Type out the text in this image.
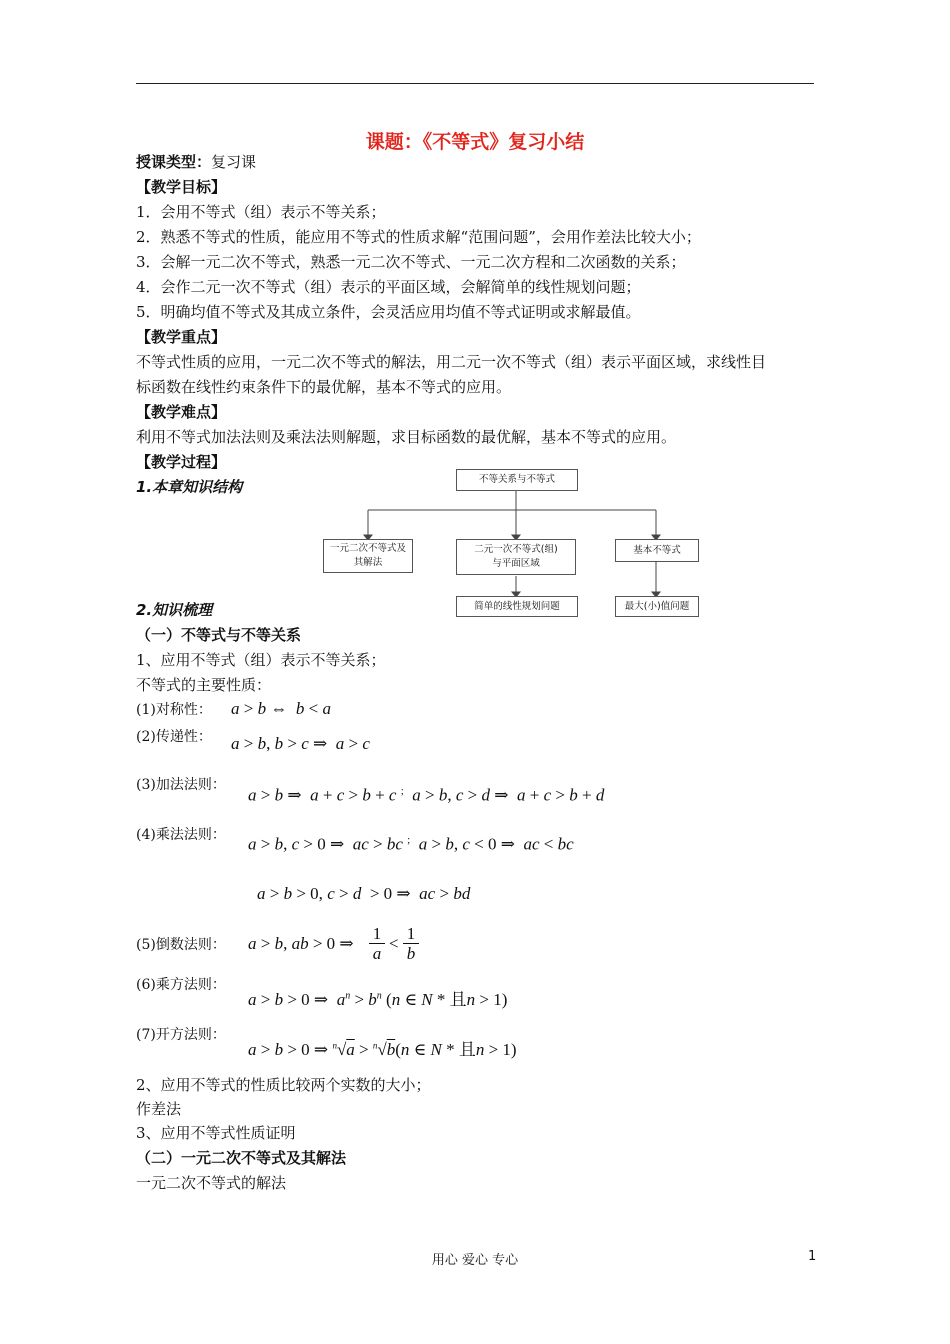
课题：《不等式》复习小结
授课类型：复习课
【教学目标】
1．会用不等式（组）表示不等关系；
2．熟悉不等式的性质，能应用不等式的性质求解“范围问题”，会用作差法比较大小；
3．会解一元二次不等式，熟悉一元二次不等式、一元二次方程和二次函数的关系；
4．会作二元一次不等式（组）表示的平面区域，会解简单的线性规划问题；
5．明确均值不等式及其成立条件，会灵活应用均值不等式证明或求解最值。
【教学重点】
不等式性质的应用，一元二次不等式的解法，用二元一次不等式（组）表示平面区域，求线性目
标函数在线性约束条件下的最优解，基本不等式的应用。
【教学难点】
利用不等式加法法则及乘法法则解题，求目标函数的最优解，基本不等式的应用。
【教学过程】
1.本章知识结构	不等关系与不等式
一元二次不等式及其解法
二元一次不等式(组)与平面区域
基本不等式
简单的线性规划问题	最大(小)值问题
2.知识梳理
（一）不等式与不等关系
1、应用不等式（组）表示不等关系；
不等式的主要性质：
(1)对称性： a > b ⇔  b < a
(2)传递性： a > b, b > c ⇒  a > c
(3)加法法则：
a > b ⇒  a + c > b + c ; a > b, c > d ⇒  a + c > b + d
(4)乘法法则： a > b, c > 0 ⇒  ac > bc ; a > b, c < 0 ⇒  ac < bc
a > b > 0, c > d  > 0 ⇒  ac > bd
(5)倒数法则： a > b, ab > 0 ⇒ $\frac{1}{a} < \frac{1}{b}$
(6)乘方法则：
a > b > 0 ⇒  $a^n > b^n$ (n ∈ N * 且n > 1)
(7)开方法则：
a > b > 0 ⇒ $^n$√a > $^n$√b(n ∈ N * 且n > 1)
2、应用不等式的性质比较两个实数的大小；
作差法
3、应用不等式性质证明
（二）一元二次不等式及其解法
一元二次不等式的解法
用心 爱心 专心	1
